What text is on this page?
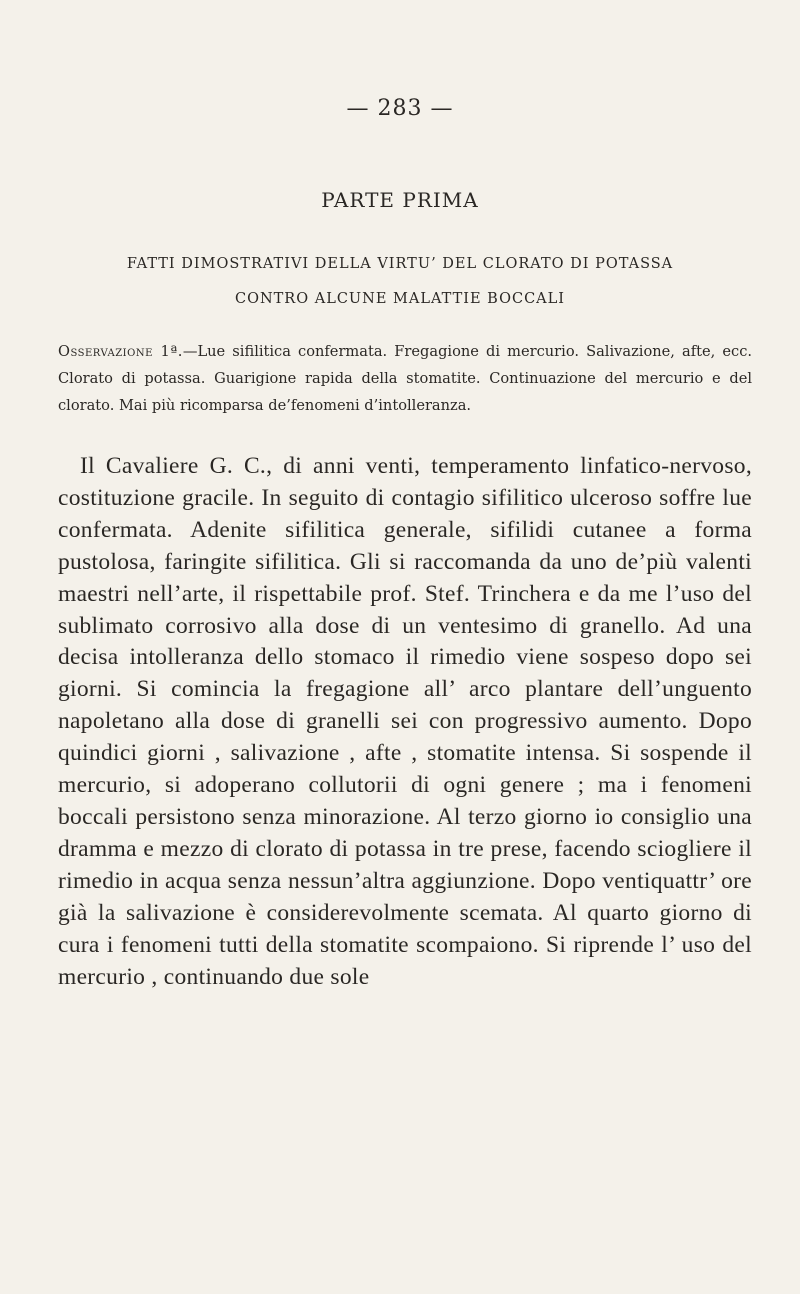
— 283 —
PARTE PRIMA
FATTI DIMOSTRATIVI DELLA VIRTU’ DEL CLORATO DI POTASSA
CONTRO ALCUNE MALATTIE BOCCALI
Osservazione 1ª.—Lue sifilitica confermata. Fregagione di mercurio. Salivazione, afte, ecc. Clorato di potassa. Guarigione rapida della stomatite. Continuazione del mercurio e del clorato. Mai più ricomparsa de’fenomeni d’intolleranza.
Il Cavaliere G. C., di anni venti, temperamento linfatico-nervoso, costituzione gracile. In seguito di contagio sifilitico ulceroso soffre lue confermata. Adenite sifilitica generale, sifilidi cutanee a forma pustolosa, faringite sifilitica. Gli si raccomanda da uno de’più valenti maestri nell’arte, il rispettabile prof. Stef. Trinchera e da me l’uso del sublimato corrosivo alla dose di un ventesimo di granello. Ad una decisa intolleranza dello stomaco il rimedio viene sospeso dopo sei giorni. Si comincia la fregagione all’ arco plantare dell’unguento napoletano alla dose di granelli sei con progressivo aumento. Dopo quindici giorni , salivazione , afte , stomatite intensa. Si sospende il mercurio, si adoperano collutorii di ogni genere ; ma i fenomeni boccali persistono senza minorazione. Al terzo giorno io consiglio una dramma e mezzo di clorato di potassa in tre prese, facendo sciogliere il rimedio in acqua senza nessun’altra aggiunzione. Dopo ventiquattr’ ore già la salivazione è considerevolmente scemata. Al quarto giorno di cura i fenomeni tutti della stomatite scompaiono. Si riprende l’ uso del mercurio , continuando due sole
